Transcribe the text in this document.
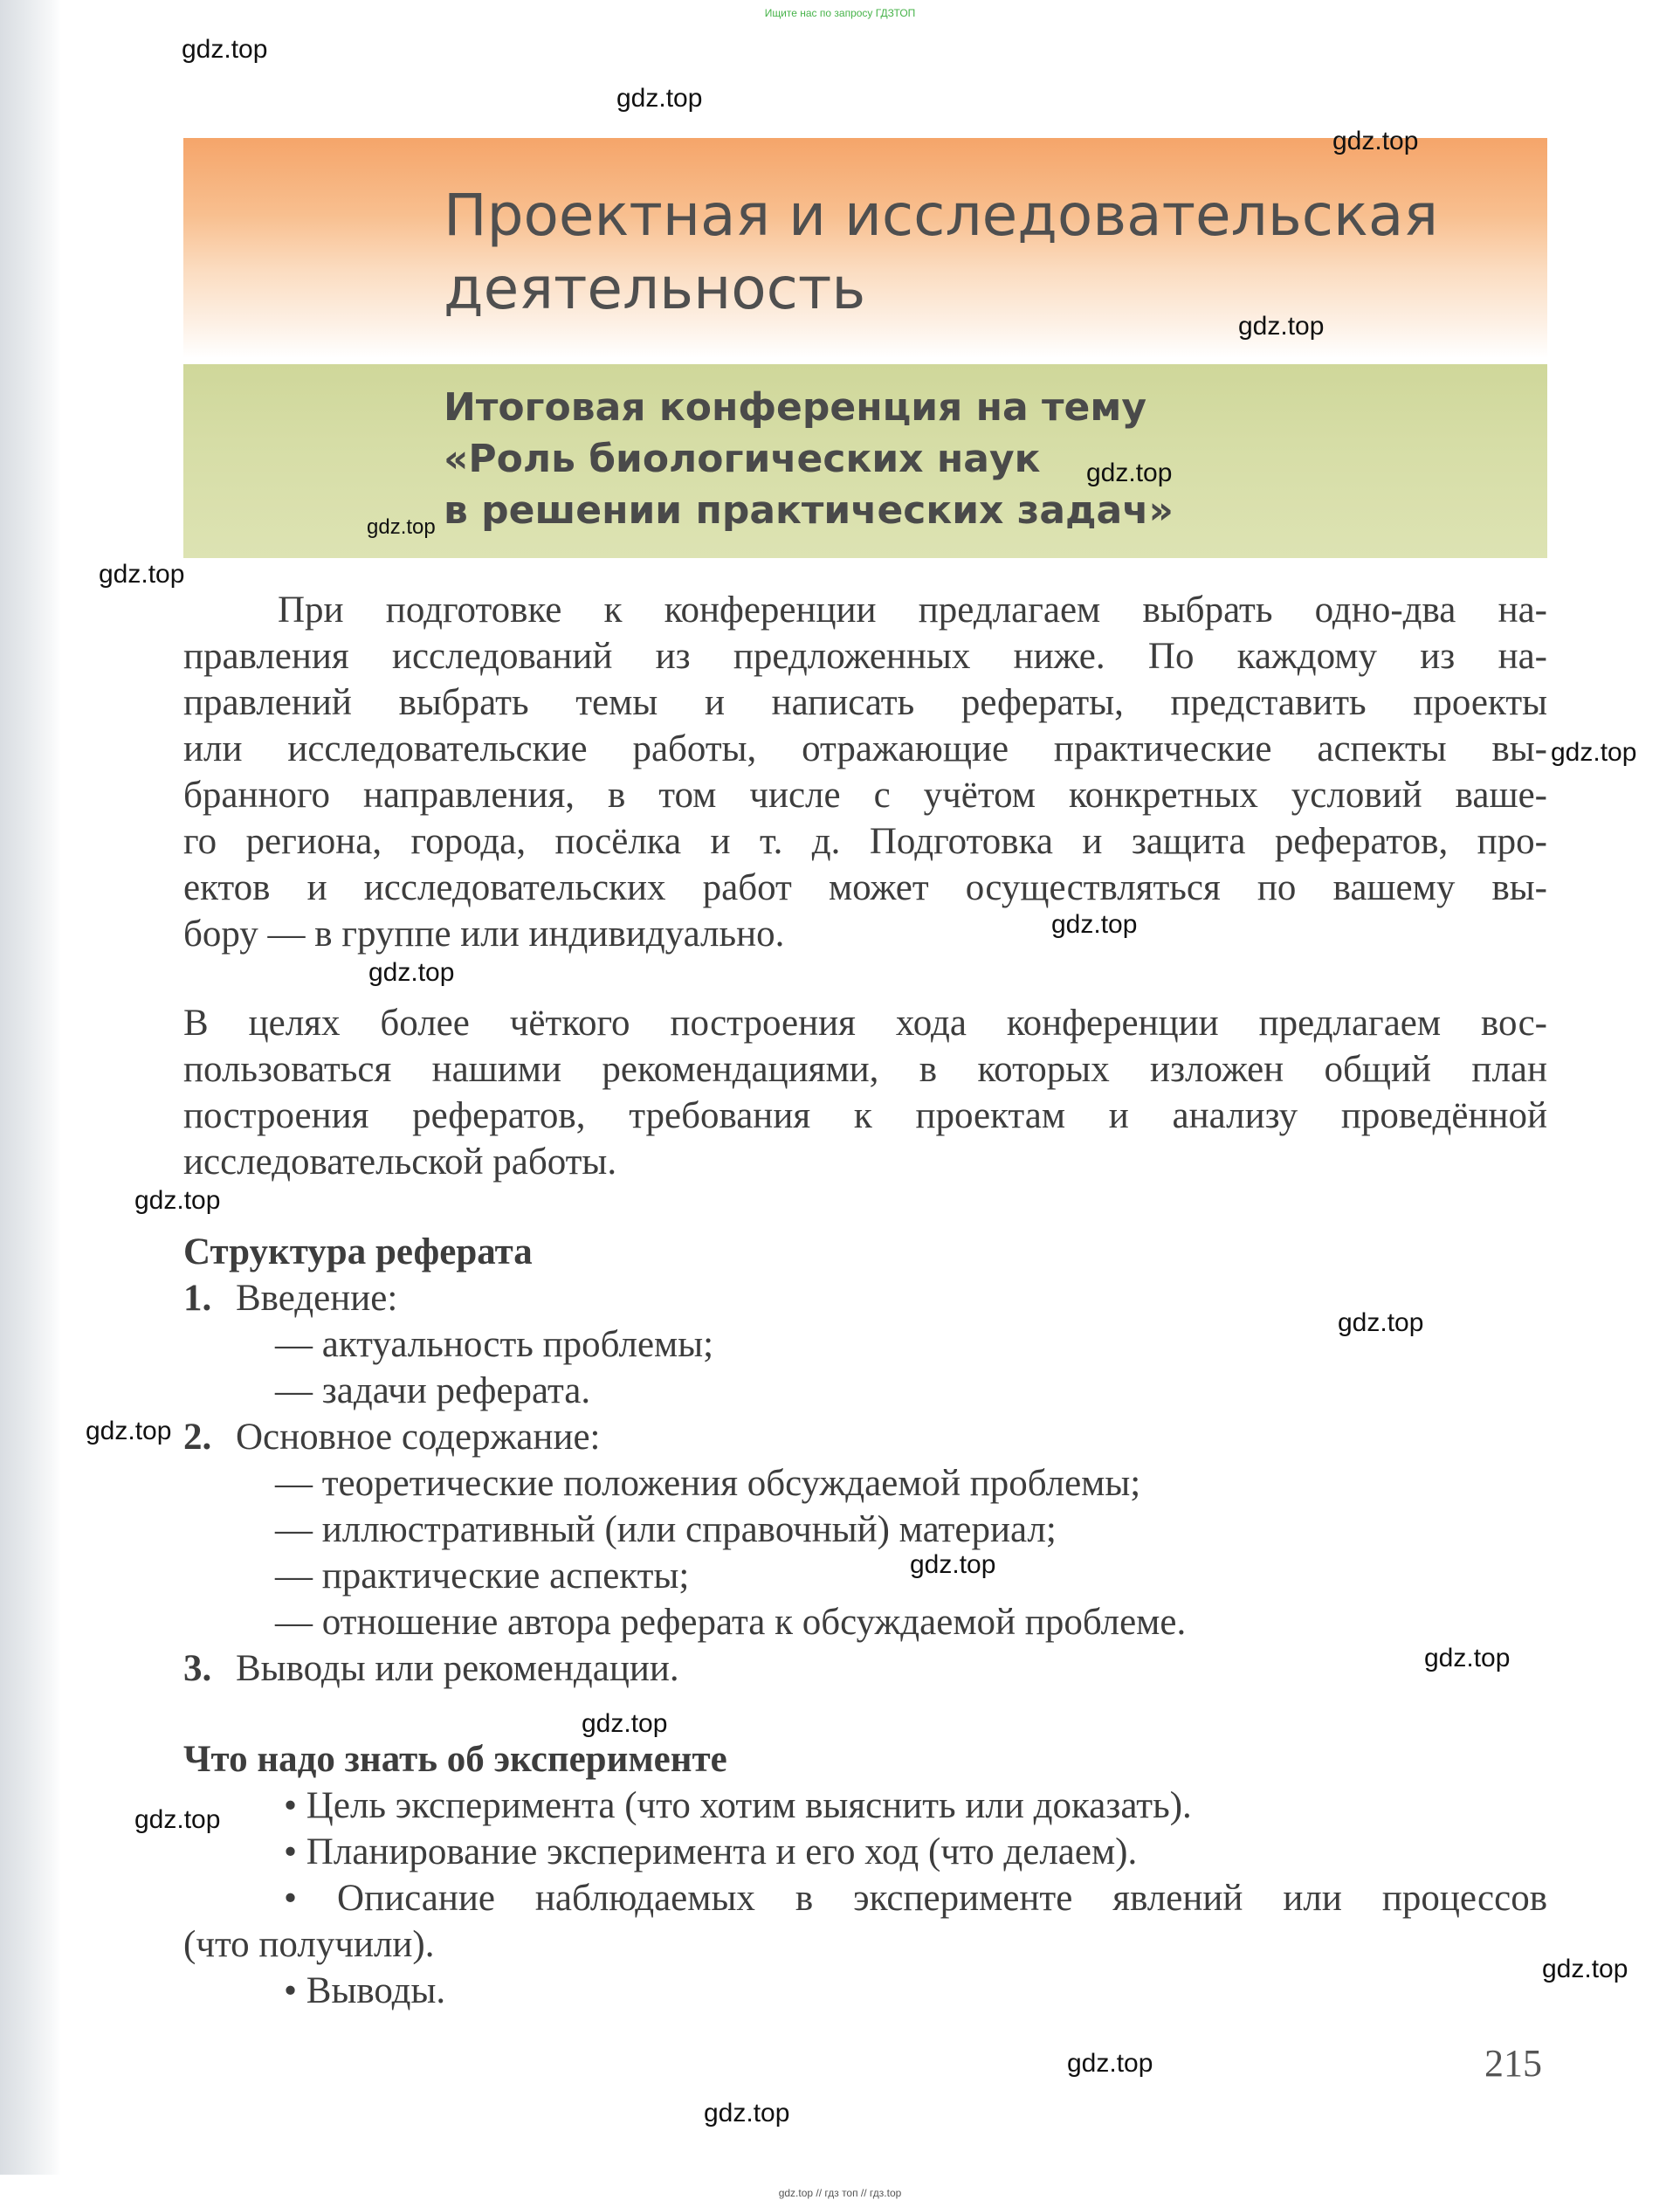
Ищите нас по запросу ГДЗТОП
Проектная и исследовательская
деятельность
Итоговая конференция на тему
«Роль биологических наук
в решении практических задач»
При подготовке к конференции предлагаем выбрать одно-два на-
правления исследований из предложенных ниже. По каждому из на-
правлений выбрать темы и написать рефераты, представить проекты
или исследовательские работы, отражающие практические аспекты вы-
бранного направления, в том числе с учётом конкретных условий ваше-
го региона, города, посёлка и т. д. Подготовка и защита рефератов, про-
ектов и исследовательских работ может осуществляться по вашему вы-
бору — в группе или индивидуально.
В целях более чёткого построения хода конференции предлагаем вос-
пользоваться нашими рекомендациями, в которых изложен общий план
построения рефератов, требования к проектам и анализу проведённой
исследовательской работы.
Структура реферата
1. Введение:
— актуальность проблемы;
— задачи реферата.
2. Основное содержание:
— теоретические положения обсуждаемой проблемы;
— иллюстративный (или справочный) материал;
— практические аспекты;
— отношение автора реферата к обсуждаемой проблеме.
3. Выводы или рекомендации.
Что надо знать об эксперименте
• Цель эксперимента (что хотим выяснить или доказать).
• Планирование эксперимента и его ход (что делаем).
• Описание наблюдаемых в эксперименте явлений или процессов
(что получили).
• Выводы.
215
gdz.top // гдз топ // гдз.top
gdz.top
gdz.top
gdz.top
gdz.top
gdz.top
gdz.top
gdz.top
gdz.top
gdz.top
gdz.top
gdz.top
gdz.top
gdz.top
gdz.top
gdz.top
gdz.top
gdz.top
gdz.top
gdz.top
gdz.top
